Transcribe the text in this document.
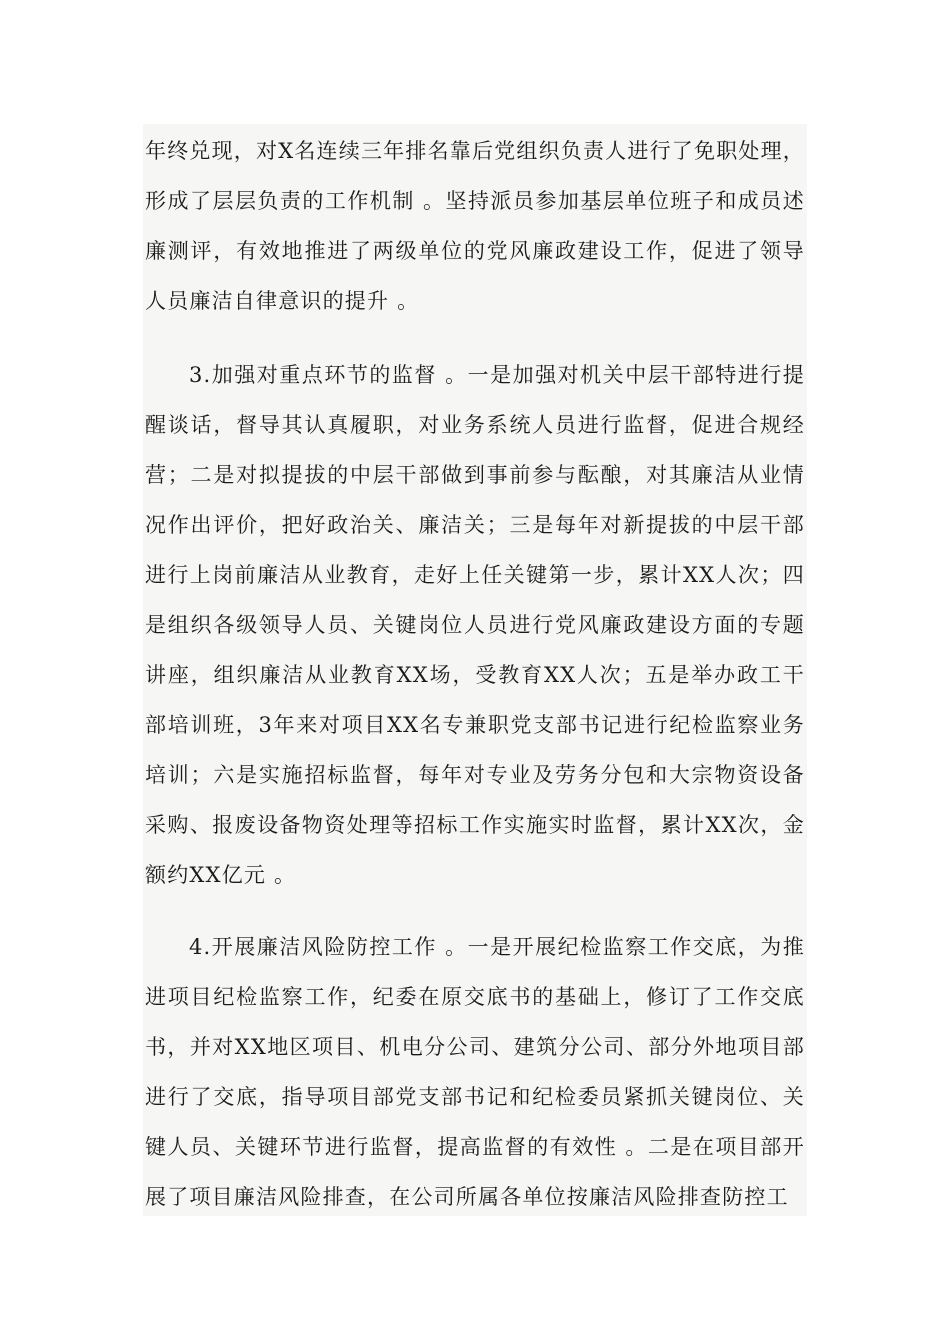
年终兑现，对X名连续三年排名靠后党组织负责人进行了免职处理，形成了层层负责的工作机制 。坚持派员参加基层单位班子和成员述廉测评，有效地推进了两级单位的党风廉政建设工作，促进了领导人员廉洁自律意识的提升 。

3.加强对重点环节的监督 。一是加强对机关中层干部特进行提醒谈话，督导其认真履职，对业务系统人员进行监督，促进合规经营；二是对拟提拔的中层干部做到事前参与酝酿，对其廉洁从业情况作出评价，把好政治关、廉洁关；三是每年对新提拔的中层干部进行上岗前廉洁从业教育，走好上任关键第一步，累计XX人次；四是组织各级领导人员、关键岗位人员进行党风廉政建设方面的专题讲座，组织廉洁从业教育XX场，受教育XX人次；五是举办政工干部培训班，3年来对项目XX名专兼职党支部书记进行纪检监察业务培训；六是实施招标监督，每年对专业及劳务分包和大宗物资设备采购、报废设备物资处理等招标工作实施实时监督，累计XX次，金额约XX亿元 。

4.开展廉洁风险防控工作 。一是开展纪检监察工作交底，为推进项目纪检监察工作，纪委在原交底书的基础上，修订了工作交底书，并对XX地区项目、机电分公司、建筑分公司、部分外地项目部进行了交底，指导项目部党支部书记和纪检委员紧抓关键岗位、关键人员、关键环节进行监督，提高监督的有效性 。二是在项目部开展了项目廉洁风险排查，在公司所属各单位按廉洁风险排查防控工
